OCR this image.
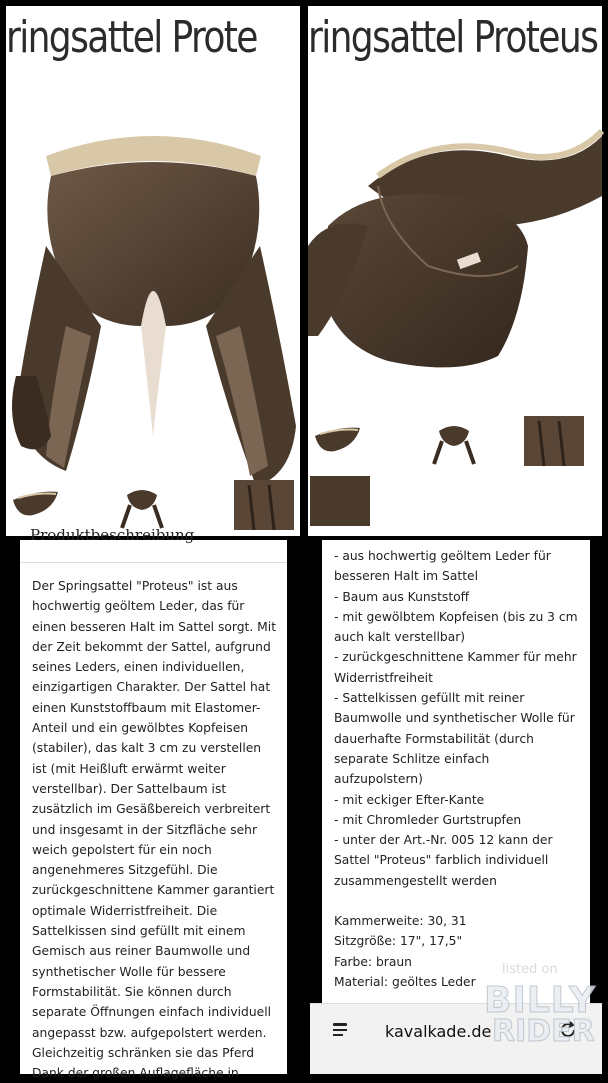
ringsattel Prote ringsattel Proteus
Produktbeschreibung
Der Springsattel "Proteus" ist aus hochwertig geöltem Leder, das für einen besseren Halt im Sattel sorgt. Mit der Zeit bekommt der Sattel, aufgrund seines Leders, einen individuellen, einzigartigen Charakter. Der Sattel hat einen Kunststoffbaum mit Elastomer-Anteil und ein gewölbtes Kopfeisen (stabiler), das kalt 3 cm zu verstellen ist (mit Heißluft erwärmt weiter verstellbar). Der Sattelbaum ist zusätzlich im Gesäßbereich verbreitert und insgesamt in der Sitzfläche sehr weich gepolstert für ein noch angenehmeres Sitzgefühl. Die zurückgeschnittene Kammer garantiert optimale Widerristfreiheit. Die Sattelkissen sind gefüllt mit einem Gemisch aus reiner Baumwolle und synthetischer Wolle für bessere Formstabilität. Sie können durch separate Öffnungen einfach individuell angepasst bzw. aufgepolstert werden. Gleichzeitig schränken sie das Pferd Dank der großen Auflagefläche in
- aus hochwertig geöltem Leder für besseren Halt im Sattel
- Baum aus Kunststoff
- mit gewölbtem Kopfeisen (bis zu 3 cm auch kalt verstellbar)
- zurückgeschnittene Kammer für mehr Widerristfreiheit
- Sattelkissen gefüllt mit reiner Baumwolle und synthetischer Wolle für dauerhafte Formstabilität (durch separate Schlitze einfach aufzupolstern)
- mit eckiger Efter-Kante
- mit Chromleder Gurtstrupfen
- unter der Art.-Nr. 005 12 kann der Sattel "Proteus" farblich individuell zusammengestellt werden
Kammerweite: 30, 31
Sitzgröße: 17", 17,5"
Farbe: braun
Material: geöltes Leder
kavalkade.de
listed on
BILLY
RIDER
